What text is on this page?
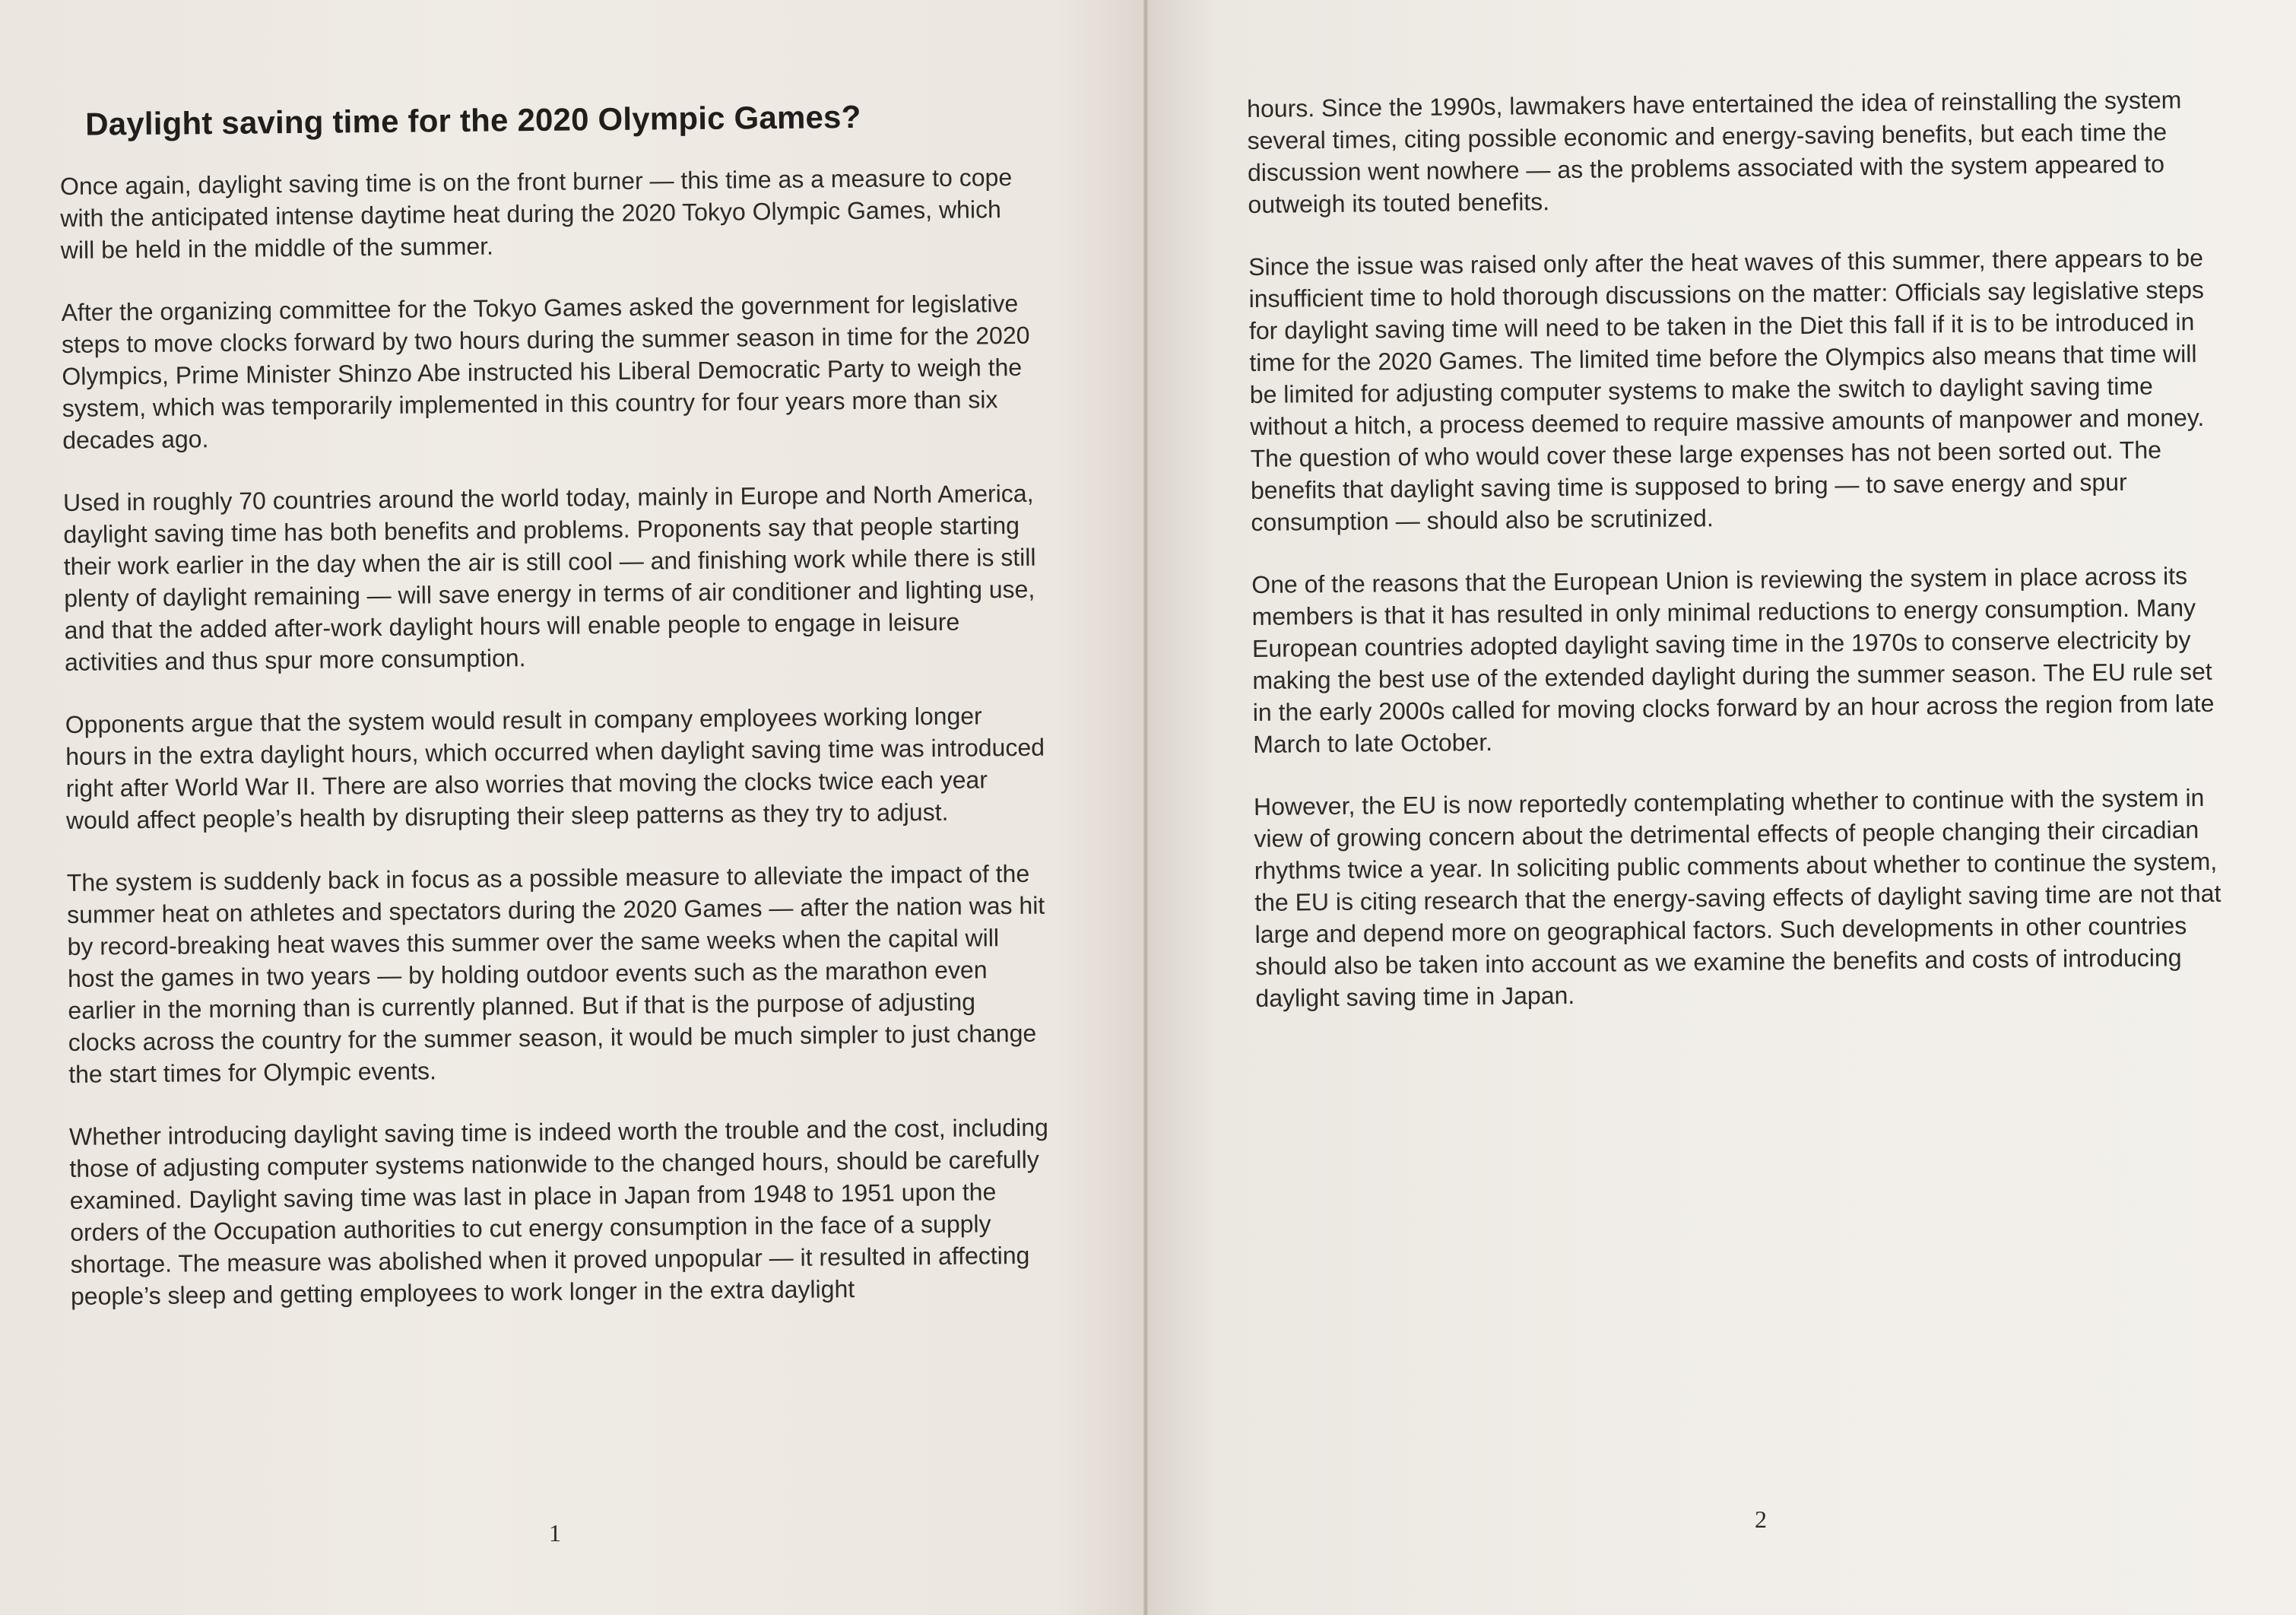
Daylight saving time for the 2020 Olympic Games?

Once again, daylight saving time is on the front burner — this time as a measure to cope with the anticipated intense daytime heat during the 2020 Tokyo Olympic Games, which will be held in the middle of the summer.

After the organizing committee for the Tokyo Games asked the government for legislative steps to move clocks forward by two hours during the summer season in time for the 2020 Olympics, Prime Minister Shinzo Abe instructed his Liberal Democratic Party to weigh the system, which was temporarily implemented in this country for four years more than six decades ago.

Used in roughly 70 countries around the world today, mainly in Europe and North America, daylight saving time has both benefits and problems. Proponents say that people starting their work earlier in the day when the air is still cool — and finishing work while there is still plenty of daylight remaining — will save energy in terms of air conditioner and lighting use, and that the added after-work daylight hours will enable people to engage in leisure activities and thus spur more consumption.

Opponents argue that the system would result in company employees working longer hours in the extra daylight hours, which occurred when daylight saving time was introduced right after World War II. There are also worries that moving the clocks twice each year would affect people’s health by disrupting their sleep patterns as they try to adjust.

The system is suddenly back in focus as a possible measure to alleviate the impact of the summer heat on athletes and spectators during the 2020 Games — after the nation was hit by record-breaking heat waves this summer over the same weeks when the capital will host the games in two years — by holding outdoor events such as the marathon even earlier in the morning than is currently planned. But if that is the purpose of adjusting clocks across the country for the summer season, it would be much simpler to just change the start times for Olympic events.

Whether introducing daylight saving time is indeed worth the trouble and the cost, including those of adjusting computer systems nationwide to the changed hours, should be carefully examined. Daylight saving time was last in place in Japan from 1948 to 1951 upon the orders of the Occupation authorities to cut energy consumption in the face of a supply shortage. The measure was abolished when it proved unpopular — it resulted in affecting people’s sleep and getting employees to work longer in the extra daylight

1

hours. Since the 1990s, lawmakers have entertained the idea of reinstalling the system several times, citing possible economic and energy-saving benefits, but each time the discussion went nowhere — as the problems associated with the system appeared to outweigh its touted benefits.

Since the issue was raised only after the heat waves of this summer, there appears to be insufficient time to hold thorough discussions on the matter: Officials say legislative steps for daylight saving time will need to be taken in the Diet this fall if it is to be introduced in time for the 2020 Games. The limited time before the Olympics also means that time will be limited for adjusting computer systems to make the switch to daylight saving time without a hitch, a process deemed to require massive amounts of manpower and money. The question of who would cover these large expenses has not been sorted out. The benefits that daylight saving time is supposed to bring — to save energy and spur consumption — should also be scrutinized.

One of the reasons that the European Union is reviewing the system in place across its members is that it has resulted in only minimal reductions to energy consumption. Many European countries adopted daylight saving time in the 1970s to conserve electricity by making the best use of the extended daylight during the summer season. The EU rule set in the early 2000s called for moving clocks forward by an hour across the region from late March to late October.

However, the EU is now reportedly contemplating whether to continue with the system in view of growing concern about the detrimental effects of people changing their circadian rhythms twice a year. In soliciting public comments about whether to continue the system, the EU is citing research that the energy-saving effects of daylight saving time are not that large and depend more on geographical factors. Such developments in other countries should also be taken into account as we examine the benefits and costs of introducing daylight saving time in Japan.

2
